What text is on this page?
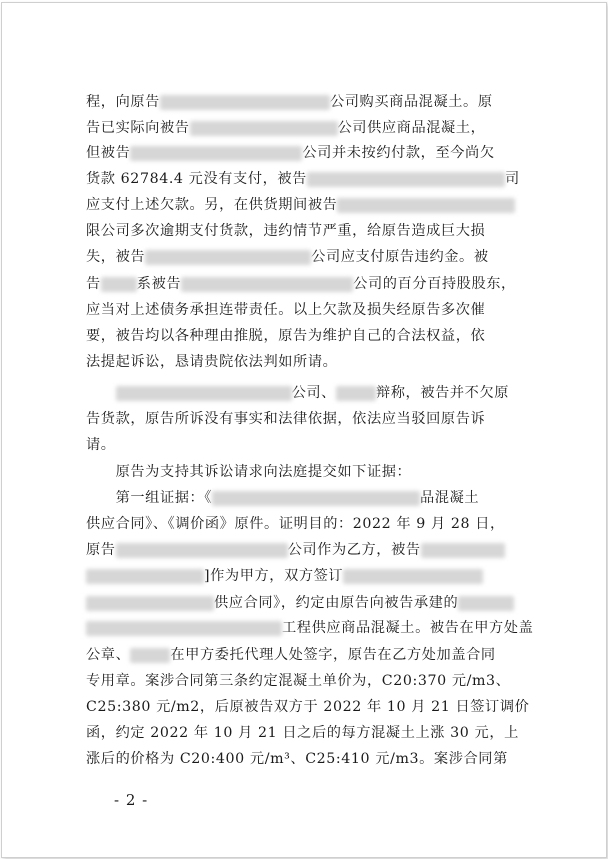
程，向原告	公司购买商品混凝土。原
告已实际向被告	公司供应商品混凝土，
但被告	公司并未按约付款，至今尚欠
货款 62784.4 元没有支付，被告	司
应支付上述欠款。另，在供货期间被告
限公司多次逾期支付货款，违约情节严重，给原告造成巨大损
失，被告	公司应支付原告违约金。被
告	系被告	公司的百分百持股股东，
应当对上述债务承担连带责任。以上欠款及损失经原告多次催
要，被告均以各种理由推脱，原告为维护自己的合法权益，依
法提起诉讼，恳请贵院依法判如所请。
　　公司、	辩称，被告并不欠原
告货款，原告所诉没有事实和法律依据，依法应当驳回原告诉
请。
　　原告为支持其诉讼请求向法庭提交如下证据：
　　第一组证据：《	品混凝土
供应合同》、《调价函》原件。证明目的：2022 年 9 月 28 日，
原告	公司作为乙方，被告
]作为甲方，双方签订
供应合同》，约定由原告向被告承建的
工程供应商品混凝土。被告在甲方处盖
公章、	在甲方委托代理人处签字，原告在乙方处加盖合同
专用章。案涉合同第三条约定混凝土单价为，C20:370 元/m3、
C25:380 元/m2，后原被告双方于 2022 年 10 月 21 日签订调价
函，约定 2022 年 10 月 21 日之后的每方混凝土上涨 30 元，上
涨后的价格为 C20:400 元/m³、C25:410 元/m3。案涉合同第
- 2 -
